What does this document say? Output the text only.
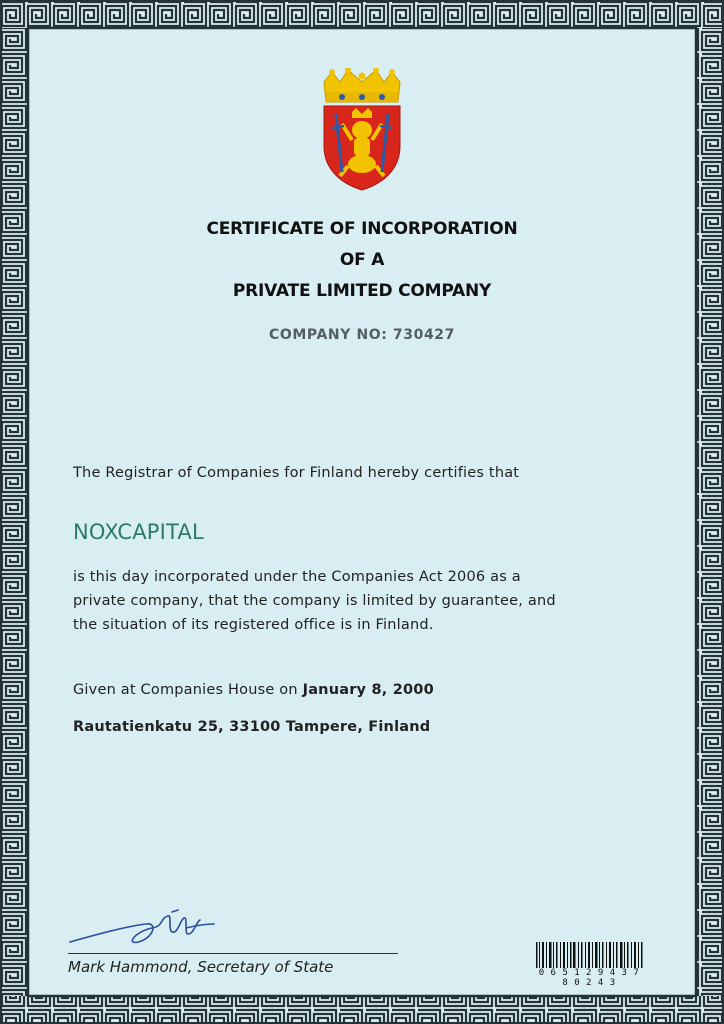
CERTIFICATE OF INCORPORATION
OF A
PRIVATE LIMITED COMPANY
COMPANY NO: 730427
The Registrar of Companies for Finland hereby certifies that
NOXCAPITAL
is this day incorporated under the Companies Act 2006 as a private company, that the company is limited by guarantee, and the situation of its registered office is in Finland.
Given at Companies House on January 8, 2000
Rautatienkatu 25, 33100 Tampere, Finland
Mark Hammond, Secretary of State	0 6 5 1 2 9 4 3 7 8 0 2 4 3
